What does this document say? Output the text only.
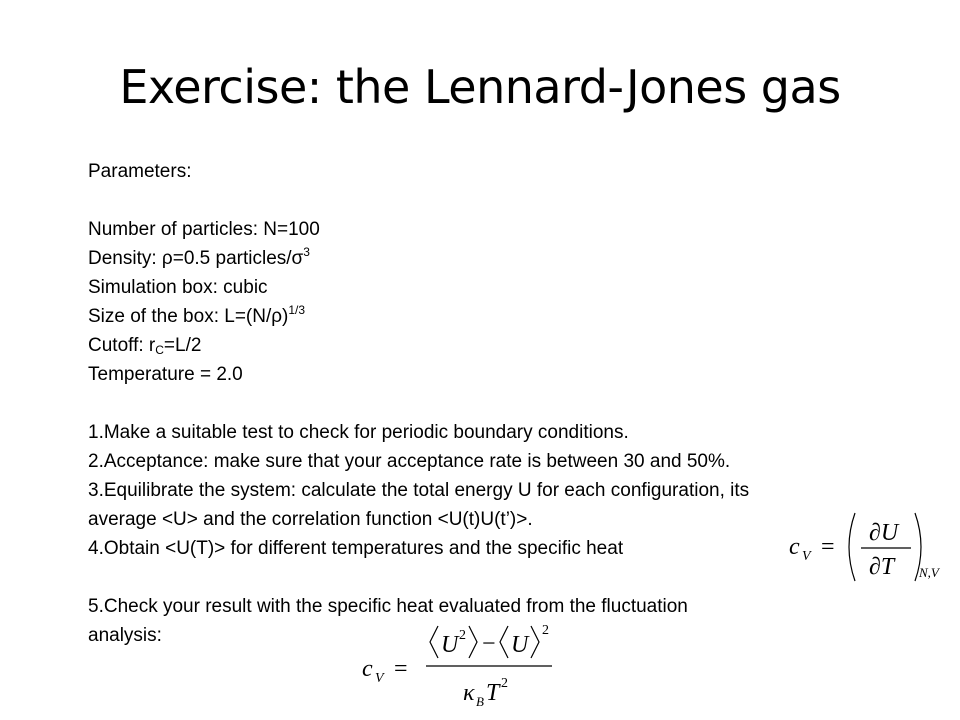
Exercise: the Lennard-Jones gas
Parameters:
Number of particles: N=100
Density: ρ=0.5 particles/$\sigma^3$
Simulation box: cubic
Size of the box: $L=(N/\rho)^{1/3}$
Cutoff: $r_C=L/2$
Temperature = 2.0
1.Make a suitable test to check for periodic boundary conditions.
2.Acceptance: make sure that your acceptance rate is between 30 and 50%.
3.Equilibrate the system: calculate the total energy U for each configuration, its
average <U> and the correlation function <U(t)U(t’)>.
4.Obtain <U(T)> for different temperatures and the specific heat
5.Check your result with the specific heat evaluated from the fluctuation
analysis:
c V =
∂U
∂T N,V
c V =
U 2 − U
2
κ B T 2
